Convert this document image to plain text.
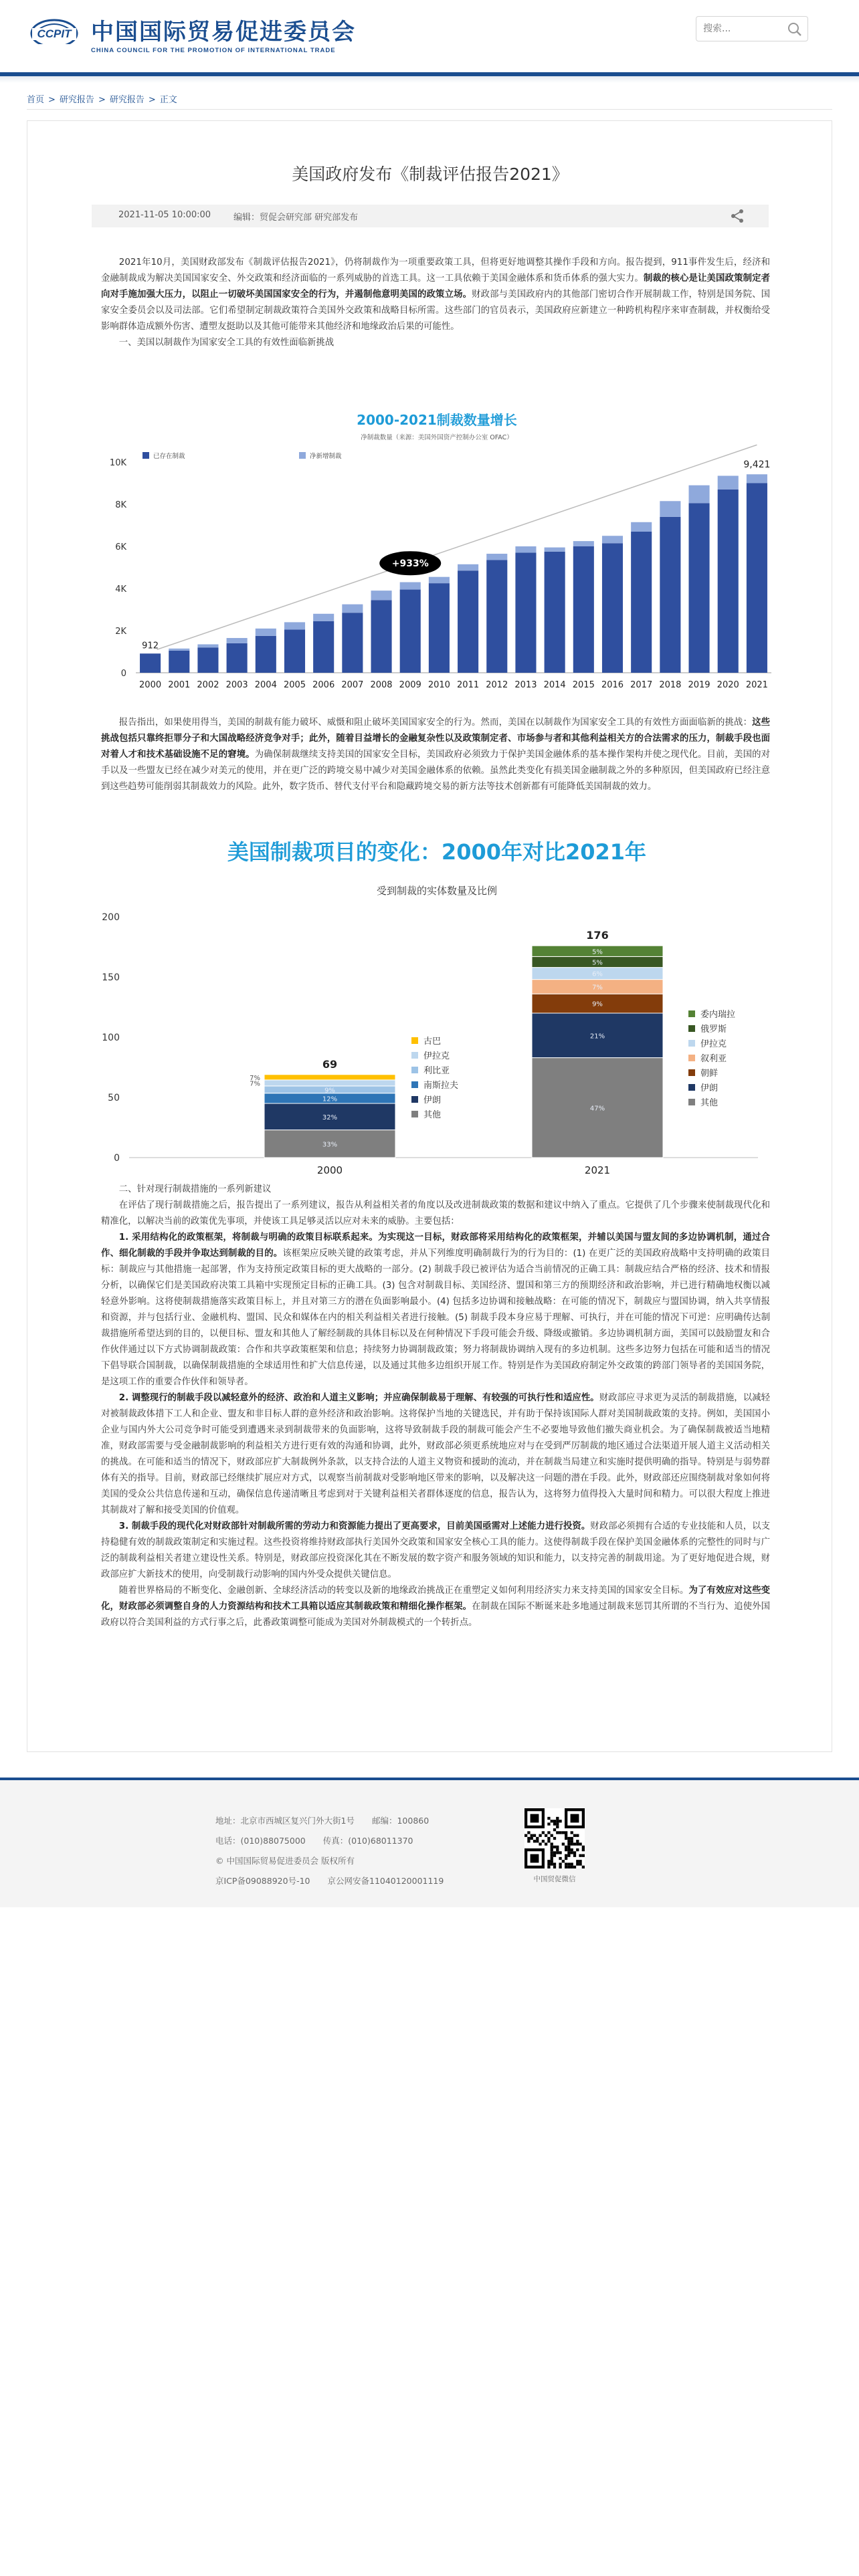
CCPIT 中国国际贸易促进委员会
CHINA COUNCIL FOR THE PROMOTION OF INTERNATIONAL TRADE
搜索...
首页 > 研究报告 > 研究报告 > 正文
美国政府发布《制裁评估报告2021》
2021-11-05 10:00:00	编辑：贸促会研究部 研究部发布

2021年10月，美国财政部发布《制裁评估报告2021》，仍将制裁作为一项重要政策工具，但将更好地调整其操作手段和方向。报告提到，911事件发生后，经济和金融制裁成为解决美国国家安全、外交政策和经济面临的一系列威胁的首选工具。这一工具依赖于美国金融体系和货币体系的强大实力。制裁的核心是让美国政策制定者向对手施加强大压力，以阻止一切破坏美国国家安全的行为，并遏制他意明美国的政策立场。财政部与美国政府内的其他部门密切合作开展制裁工作，特别是国务院、国家安全委员会以及司法部。它们希望制定制裁政策符合美国外交政策和战略目标所需。这些部门的官员表示，美国政府应新建立一种跨机构程序来审查制裁，并权衡给受影响群体造成额外伤害、遭塑友挺助以及其他可能带来其他经济和地缘政治后果的可能性。

一、美国以制裁作为国家安全工具的有效性面临新挑战

2000-2021制裁数量增长
净制裁数量（来源：美国外国资产控制办公室 OFAC）
已存在制裁	净新增制裁
0
2K
4K
6K
8K
10K
2000 2001 2002 2003 2004 2005 2006 2007 2008 2009 2010 2011 2012 2013 2014 2015 2016 2017 2018 2019 2020 2021
+933%
912
9,421

报告指出，如果使用得当，美国的制裁有能力破坏、威慑和阻止破坏美国国家安全的行为。然而，美国在以制裁作为国家安全工具的有效性方面面临新的挑战：这些挑战包括只靠终拒罪分子和大国战略经济竞争对手；此外，随着目益增长的金融复杂性以及政策制定者、市场参与者和其他利益相关方的合法需求的压力，制裁手段也面对着人才和技术基础设施不足的窘境。为确保制裁继续支持美国的国家安全目标，美国政府必须致力于保护美国金融体系的基本操作架构并使之现代化。目前，美国的对手以及一些盟友已经在减少对美元的使用，并在更广泛的跨境交易中减少对美国金融体系的依赖。虽然此类变化有损美国金融制裁之外的多种原因，但美国政府已经注意到这些趋势可能削弱其制裁效力的风险。此外，数字货币、替代支付平台和隐藏跨境交易的新方法等技术创新都有可能降低美国制裁的效力。

美国制裁项目的变化：2000年对比2021年
受到制裁的实体数量及比例
0
50
100
150
200
33%
32%
12%
9%
7%
7%
69
2000
47%
21%
9%
7%
6%
5%
5%
176
2021
古巴
伊拉克
利比亚
南斯拉夫
伊朗
其他
委内瑞拉
俄罗斯
伊拉克
叙利亚
朝鲜
伊朗
其他

二、针对现行制裁措施的一系列新建议

在评估了现行制裁措施之后，报告提出了一系列建议，报告从利益相关者的角度以及改进制裁政策的数据和建议中纳入了重点。它提供了几个步骤来使制裁现代化和精准化，以解决当前的政策优先事项，并使该工具足够灵活以应对未来的威胁。主要包括：

1. 采用结构化的政策框架，将制裁与明确的政策目标联系起来。为实现这一目标，财政部将采用结构化的政策框架，并辅以美国与盟友间的多边协调机制，通过合作、细化制裁的手段并争取达到制裁的目的。该框架应反映关键的政策考虑，并从下列维度明确制裁行为的行为目的：(1) 在更广泛的美国政府战略中支持明确的政策目标：制裁应与其他措施一起部署，作为支持预定政策目标的更大战略的一部分。(2) 制裁手段已被评估为适合当前情况的正确工具：制裁应结合严格的经济、技术和情报分析，以确保它们是美国政府决策工具箱中实现预定目标的正确工具。(3) 包含对制裁目标、美国经济、盟国和第三方的预期经济和政治影响，并已进行精确地权衡以减轻意外影响。这将使制裁措施落实政策目标上，并且对第三方的潜在负面影响最小。(4) 包括多边协调和接触战略：在可能的情况下，制裁应与盟国协调，纳入共享情报和资源，并与包括行业、金融机构、盟国、民众和媒体在内的相关利益相关者进行接触。(5) 制裁手段本身应易于理解、可执行，并在可能的情况下可逆：应明确传达制裁措施所希望达到的目的，以便目标、盟友和其他人了解经制裁的具体目标以及在何种情况下手段可能会升级、降级或撤销。多边协调机制方面，美国可以鼓励盟友和合作伙伴通过以下方式协调制裁政策：合作和共享政策框架和信息；持续努力协调制裁政策；努力将制裁协调纳入现有的多边机制。这些多边努力包括在可能和适当的情况下倡导联合国制裁，以确保制裁措施的全球适用性和扩大信息传递，以及通过其他多边组织开展工作。特别是作为美国政府制定外交政策的跨部门领导者的美国国务院，是这项工作的重要合作伙伴和领导者。

2. 调整现行的制裁手段以减轻意外的经济、政治和人道主义影响；并应确保制裁易于理解、有较强的可执行性和适应性。财政部应寻求更为灵活的制裁措施，以减轻对被制裁政体措下工人和企业、盟友和非目标人群的意外经济和政治影响。这将保护当地的关键选民，并有助于保持该国际人群对美国制裁政策的支持。例如，美国国小企业与国内外大公司竞争时可能受到遭遇来录到制裁带来的负面影响，这将导致制裁手段的制裁可能会产生不必要地导致他们撤失商业机会。为了确保制裁被适当地精准，财政部需要与受金融制裁影响的利益相关方进行更有效的沟通和协调，此外，财政部必须更系统地应对与在受到严厉制裁的地区通过合法渠道开展人道主义活动相关的挑战。在可能和适当的情况下，财政部应扩大制裁例外条款，以支持合法的人道主义物资和援助的流动，并在制裁当局建立和实施时提供明确的指导。特别是与弱势群体有关的指导。目前，财政部已经继续扩展应对方式，以观察当前制裁对受影响地区带来的影响，以及解决这一问题的潜在手段。此外，财政部还应围绕制裁对象如何将美国的受众公共信息传递和互动，确保信息传递清晰且考虑到对于关键利益相关者群体逐度的信息，报告认为，这将努力值得投入大量时间和精力。可以很大程度上推进其制裁对了解和接受美国的价值观。

3. 制裁手段的现代化对财政部针对制裁所需的劳动力和资源能力提出了更高要求，目前美国亟需对上述能力进行投资。财政部必须拥有合适的专业技能和人员，以支持稳健有效的制裁政策制定和实施过程。这些投资将维持财政部执行美国外交政策和国家安全核心工具的能力。这使得制裁手段在保护美国金融体系的完整性的同时与广泛的制裁利益相关者建立建设性关系。特别是，财政部应投资深化其在不断发展的数字资产和服务领域的知识和能力，以支持完善的制裁用途。为了更好地促进合规，财政部应扩大新技术的使用，向受制裁行动影响的国内外受众提供关键信息。

随着世界格局的不断变化、金融创新、全球经济活动的转变以及新的地缘政治挑战正在重塑定义如何利用经济实力来支持美国的国家安全目标。为了有效应对这些变化，财政部必须调整自身的人力资源结构和技术工具箱以适应其制裁政策和精细化操作框架。在制裁在国际不断诞来赴多地通过制裁来惩罚其所谓的不当行为、追使外国政府以符合美国利益的方式行事之后，此番政策调整可能成为美国对外制裁模式的一个转折点。

地址：北京市西城区复兴门外大街1号 邮编：100860
电话：(010)88075000 传真：(010)68011370
© 中国国际贸易促进委员会 版权所有
京ICP备09088920号-10 京公网安备11040120001119	中国贸促微信
